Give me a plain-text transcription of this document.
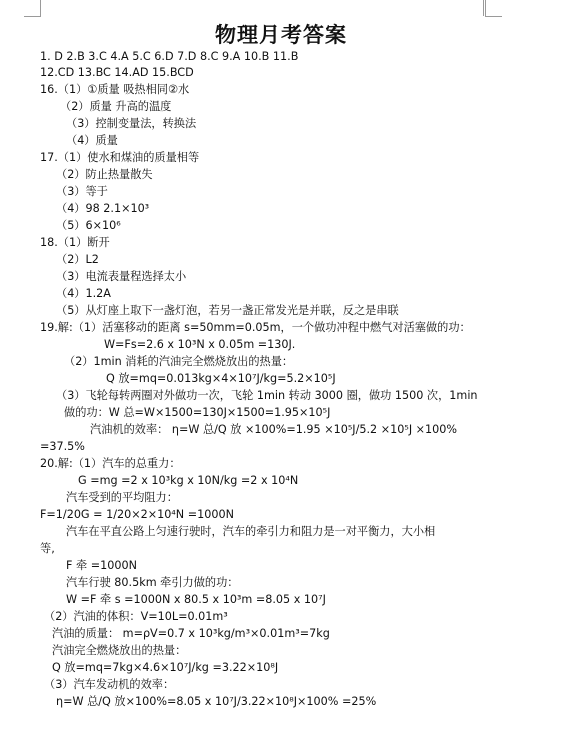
物理月考答案
1. D 2.B 3.C 4.A 5.C 6.D 7.D 8.C 9.A 10.B 11.B
12.CD 13.BC 14.AD 15.BCD
16.（1）①质量 吸热相同②水
（2）质量 升高的温度
（3）控制变量法，转换法
（4）质量
17.（1）使水和煤油的质量相等
（2）防止热量散失
（3）等于
（4）98 2.1×10³
（5）6×10⁶
18.（1）断开
（2）L2
（3）电流表量程选择太小
（4）1.2A
（5）从灯座上取下一盏灯泡，若另一盏正常发光是并联，反之是串联
19.解:（1）活塞移动的距离 s=50mm=0.05m，一个做功冲程中燃气对活塞做的功：
W=Fs=2.6 x 10³N x 0.05m =130J.
（2）1min 消耗的汽油完全燃烧放出的热量：
Q 放=mq=0.013kg×4×10⁷J/kg=5.2×10⁵J
（3）飞轮每转两圈对外做功一次，飞轮 1min 转动 3000 圈，做功 1500 次，1min
做的功：W 总=W×1500=130J×1500=1.95×10⁵J
汽油机的效率： η=W 总/Q 放 ×100%=1.95 ×10⁵J/5.2 ×10⁵J ×100%
=37.5%
20.解:（1）汽车的总重力：
G =mg =2 x 10³kg x 10N/kg =2 x 10⁴N
汽车受到的平均阻力：
F=1/20G = 1/20×2×10⁴N =1000N
汽车在平直公路上匀速行驶时，汽车的牵引力和阻力是一对平衡力，大小相
等,
F 牵 =1000N
汽车行驶 80.5km 牵引力做的功：
W =F 牵 s =1000N x 80.5 x 10³m =8.05 x 10⁷J
（2）汽油的体积：V=10L=0.01m³
汽油的质量： m=ρV=0.7 x 10³kg/m³×0.01m³=7kg
汽油完全燃烧放出的热量：
Q 放=mq=7kg×4.6×10⁷J/kg =3.22×10⁸J
（3）汽车发动机的效率：
η=W 总/Q 放×100%=8.05 x 10⁷J/3.22×10⁸J×100% =25%
